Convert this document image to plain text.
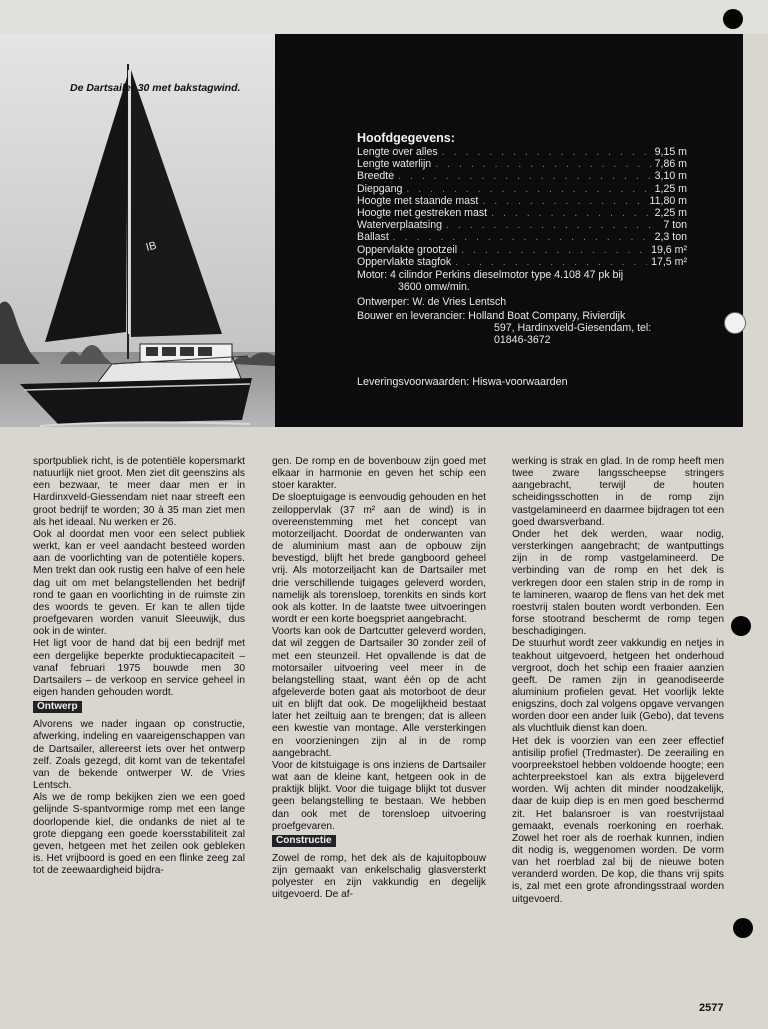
IB
De Dartsailer 30 met bakstagwind.
Hoofdgegevens:
Lengte over alles . . .	9,15 m
Lengte waterlijn . . .	7,86 m
Breedte . . .	3,10 m
Diepgang . . .	1,25 m
Hoogte met staande mast . . .	11,80 m
Hoogte met gestreken mast . . .	2,25 m
Waterverplaatsing . . .	7 ton
Ballast . . .	2,3 ton
Oppervlakte grootzeil . . .	19,6 m²
Oppervlakte stagfok . . .	17,5 m²
Motor: 4 cilindor Perkins dieselmotor type 4.108 47 pk bij
3600 omw/min.
Ontwerper: W. de Vries Lentsch
Bouwer en leverancier: Holland Boat Company, Rivierdijk
597, Hardinxveld-Giesendam, tel:
01846-3672
Leveringsvoorwaarden: Hiswa-voorwaarden

sportpubliek richt, is de potentiële kopersmarkt natuurlijk niet groot. Men ziet dit geenszins als een bezwaar, te meer daar men er in Hardinxveld-Giessendam niet naar streeft een groot bedrijf te worden; 30 à 35 man ziet men als het ideaal. Nu werken er 26.

Ook al doordat men voor een select publiek werkt, kan er veel aandacht besteed worden aan de voorlichting van de potentiële kopers. Men trekt dan ook rustig een halve of een hele dag uit om met belangstellenden het bedrijf rond te gaan en voorlichting in de ruimste zin des woords te geven. Er kan te allen tijde proefgevaren worden vanuit Sleeuwijk, dus ook in de winter.

Het ligt voor de hand dat bij een bedrijf met een dergelijke beperkte produktiecapaciteit – vanaf februari 1975 bouwde men 30 Dartsailers – de verkoop en service geheel in eigen handen gehouden wordt.

Ontwerp

Alvorens we nader ingaan op constructie, afwerking, indeling en vaareigenschappen van de Dartsailer, allereerst iets over het ontwerp zelf. Zoals gezegd, dit komt van de tekentafel van de bekende ontwerper W. de Vries Lentsch.

Als we de romp bekijken zien we een goed gelijnde S-spantvormige romp met een lange doorlopende kiel, die ondanks de niet al te grote diepgang een goede koersstabiliteit zal geven, hetgeen met het zeilen ook gebleken is. Het vrijboord is goed en een flinke zeeg zal tot de zeewaardigheid bijdra-

gen. De romp en de bovenbouw zijn goed met elkaar in harmonie en geven het schip een stoer karakter.

De sloeptuigage is eenvoudig gehouden en het zeiloppervlak (37 m² aan de wind) is in overeenstemming met het concept van motorzeiljacht. Doordat de onderwanten van de aluminium mast aan de opbouw zijn bevestigd, blijft het brede gangboord geheel vrij. Als motorzeiljacht kan de Dartsailer met drie verschillende tuigages geleverd worden, namelijk als torensloep, torenkits en sinds kort ook als kotter. In de laatste twee uitvoeringen wordt er een korte boegspriet aangebracht.

Voorts kan ook de Dartcutter geleverd worden, dat wil zeggen de Dartsailer 30 zonder zeil of met een steunzeil. Het opvallende is dat de motorsailer uitvoering veel meer in de belangstelling staat, want één op de acht afgeleverde boten gaat als motorboot de deur uit en blijft dat ook. De mogelijkheid bestaat later het zeiltuig aan te brengen; dat is alleen een kwestie van montage. Alle versterkingen en voorzieningen zijn al in de romp aangebracht.

Voor de kitstuigage is ons inziens de Dartsailer wat aan de kleine kant, hetgeen ook in de praktijk blijkt. Voor die tuigage blijkt tot dusver geen belangstelling te bestaan. We hebben dan ook met de torensloep uitvoering proefgevaren.

Constructie

Zowel de romp, het dek als de kajuitopbouw zijn gemaakt van enkelschalig glasversterkt polyester en zijn vakkundig en degelijk uitgevoerd. De af-

werking is strak en glad. In de romp heeft men twee zware langsscheepse stringers aangebracht, terwijl de houten scheidingsschotten in de romp zijn vastgelamineerd en daarmee bijdragen tot een goed dwarsverband.

Onder het dek werden, waar nodig, versterkingen aangebracht; de wantputtings zijn in de romp vastgelamineerd. De verbinding van de romp en het dek is verkregen door een stalen strip in de romp in te lamineren, waarop de flens van het dek met roestvrij stalen bouten wordt verbonden. Een forse stootrand beschermt de romp tegen beschadigingen.

De stuurhut wordt zeer vakkundig en netjes in teakhout uitgevoerd, hetgeen het onderhoud vergroot, doch het schip een fraaier aanzien geeft. De ramen zijn in geanodiseerde aluminium profielen gevat. Het voorlijk lekte enigszins, doch zal volgens opgave vervangen worden door een ander luik (Gebo), dat tevens als vluchtluik dienst kan doen.

Het dek is voorzien van een zeer effectief antisilip profiel (Tredmaster). De zeerailing en voorpreekstoel hebben voldoende hoogte; een achterpreekstoel kan als extra bijgeleverd worden. Wij achten dit minder noodzakelijk, daar de kuip diep is en men goed beschermd zit. Het balansroer is van roestvrijstaal gemaakt, evenals roerkoning en roerhak. Zowel het roer als de roerhak kunnen, indien dit nodig is, weggenomen worden. De vorm van het roerblad zal bij de nieuwe boten veranderd worden. De kop, die thans vrij spits is, zal met een grote afrondingsstraal worden uitgevoerd.

2577
